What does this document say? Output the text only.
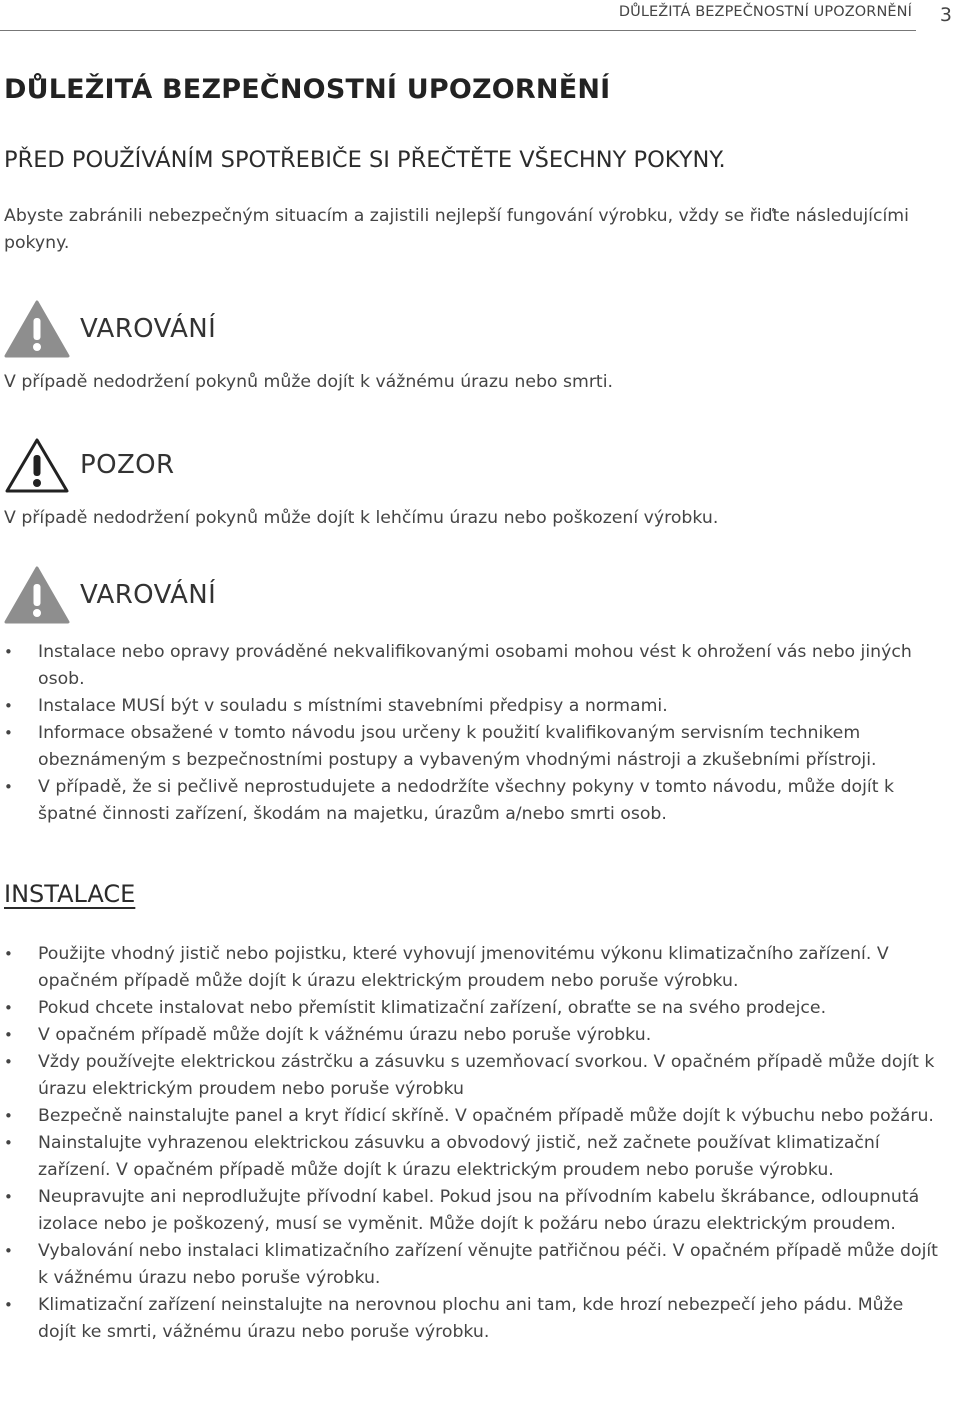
DŮLEŽITÁ BEZPEČNOSTNÍ UPOZORNĚNÍ 3
DŮLEŽITÁ BEZPEČNOSTNÍ UPOZORNĚNÍ
PŘED POUŽÍVÁNÍM SPOTŘEBIČE SI PŘEČTĚTE VŠECHNY POKYNY.
Abyste zabránili nebezpečným situacím a zajistili nejlepší fungování výrobku, vždy se řiďte následujícími pokyny.
VAROVÁNÍ
V případě nedodržení pokynů může dojít k vážnému úrazu nebo smrti.
POZOR
V případě nedodržení pokynů může dojít k lehčímu úrazu nebo poškození výrobku.
VAROVÁNÍ
• Instalace nebo opravy prováděné nekvalifikovanými osobami mohou vést k ohrožení vás nebo jiných osob.
• Instalace MUSÍ být v souladu s místními stavebními předpisy a normami.
• Informace obsažené v tomto návodu jsou určeny k použití kvalifikovaným servisním technikem obeznámeným s bezpečnostními postupy a vybaveným vhodnými nástroji a zkušebními přístroji.
• V případě, že si pečlivě neprostudujete a nedodržíte všechny pokyny v tomto návodu, může dojít k špatné činnosti zařízení, škodám na majetku, úrazům a/nebo smrti osob.
INSTALACE
• Použijte vhodný jistič nebo pojistku, které vyhovují jmenovitému výkonu klimatizačního zařízení. V opačném případě může dojít k úrazu elektrickým proudem nebo poruše výrobku.
• Pokud chcete instalovat nebo přemístit klimatizační zařízení, obraťte se na svého prodejce.
• V opačném případě může dojít k vážnému úrazu nebo poruše výrobku.
• Vždy používejte elektrickou zástrčku a zásuvku s uzemňovací svorkou. V opačném případě může dojít k úrazu elektrickým proudem nebo poruše výrobku
• Bezpečně nainstalujte panel a kryt řídicí skříně. V opačném případě může dojít k výbuchu nebo požáru.
• Nainstalujte vyhrazenou elektrickou zásuvku a obvodový jistič, než začnete používat klimatizační zařízení. V opačném případě může dojít k úrazu elektrickým proudem nebo poruše výrobku.
• Neupravujte ani neprodlužujte přívodní kabel. Pokud jsou na přívodním kabelu škrábance, odloupnutá izolace nebo je poškozený, musí se vyměnit. Může dojít k požáru nebo úrazu elektrickým proudem.
• Vybalování nebo instalaci klimatizačního zařízení věnujte patřičnou péči. V opačném případě může dojít k vážnému úrazu nebo poruše výrobku.
• Klimatizační zařízení neinstalujte na nerovnou plochu ani tam, kde hrozí nebezpečí jeho pádu. Může dojít ke smrti, vážnému úrazu nebo poruše výrobku.
